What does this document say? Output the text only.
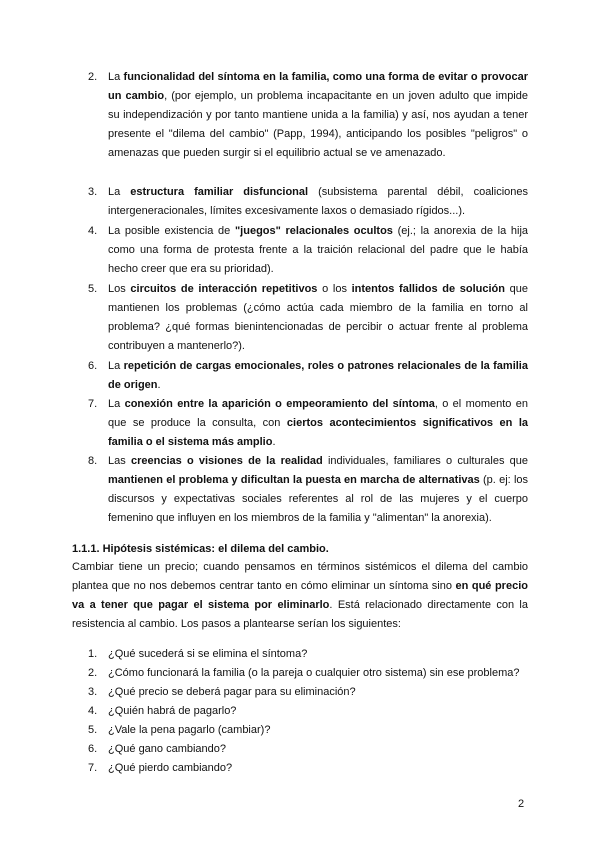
2. La funcionalidad del síntoma en la familia, como una forma de evitar o provocar un cambio, (por ejemplo, un problema incapacitante en un joven adulto que impide su independización y por tanto mantiene unida a la familia) y así, nos ayudan a tener presente el "dilema del cambio" (Papp, 1994), anticipando los posibles "peligros" o amenazas que pueden surgir si el equilibrio actual se ve amenazado.
3. La estructura familiar disfuncional (subsistema parental débil, coaliciones intergeneracionales, límites excesivamente laxos o demasiado rígidos...).
4. La posible existencia de "juegos" relacionales ocultos (ej.; la anorexia de la hija como una forma de protesta frente a la traición relacional del padre que le había hecho creer que era su prioridad).
5. Los circuitos de interacción repetitivos o los intentos fallidos de solución que mantienen los problemas (¿cómo actúa cada miembro de la familia en torno al problema? ¿qué formas bienintencionadas de percibir o actuar frente al problema contribuyen a mantenerlo?).
6. La repetición de cargas emocionales, roles o patrones relacionales de la familia de origen.
7. La conexión entre la aparición o empeoramiento del síntoma, o el momento en que se produce la consulta, con ciertos acontecimientos significativos en la familia o el sistema más amplio.
8. Las creencias o visiones de la realidad individuales, familiares o culturales que mantienen el problema y dificultan la puesta en marcha de alternativas (p. ej: los discursos y expectativas sociales referentes al rol de las mujeres y el cuerpo femenino que influyen en los miembros de la familia y "alimentan" la anorexia).
1.1.1. Hipótesis sistémicas: el dilema del cambio.
Cambiar tiene un precio; cuando pensamos en términos sistémicos el dilema del cambio plantea que no nos debemos centrar tanto en cómo eliminar un síntoma sino en qué precio va a tener que pagar el sistema por eliminarlo. Está relacionado directamente con la resistencia al cambio. Los pasos a plantearse serían los siguientes:
1. ¿Qué sucederá si se elimina el síntoma?
2. ¿Cómo funcionará la familia (o la pareja o cualquier otro sistema) sin ese problema?
3. ¿Qué precio se deberá pagar para su eliminación?
4. ¿Quién habrá de pagarlo?
5. ¿Vale la pena pagarlo (cambiar)?
6. ¿Qué gano cambiando?
7. ¿Qué pierdo cambiando?
2
